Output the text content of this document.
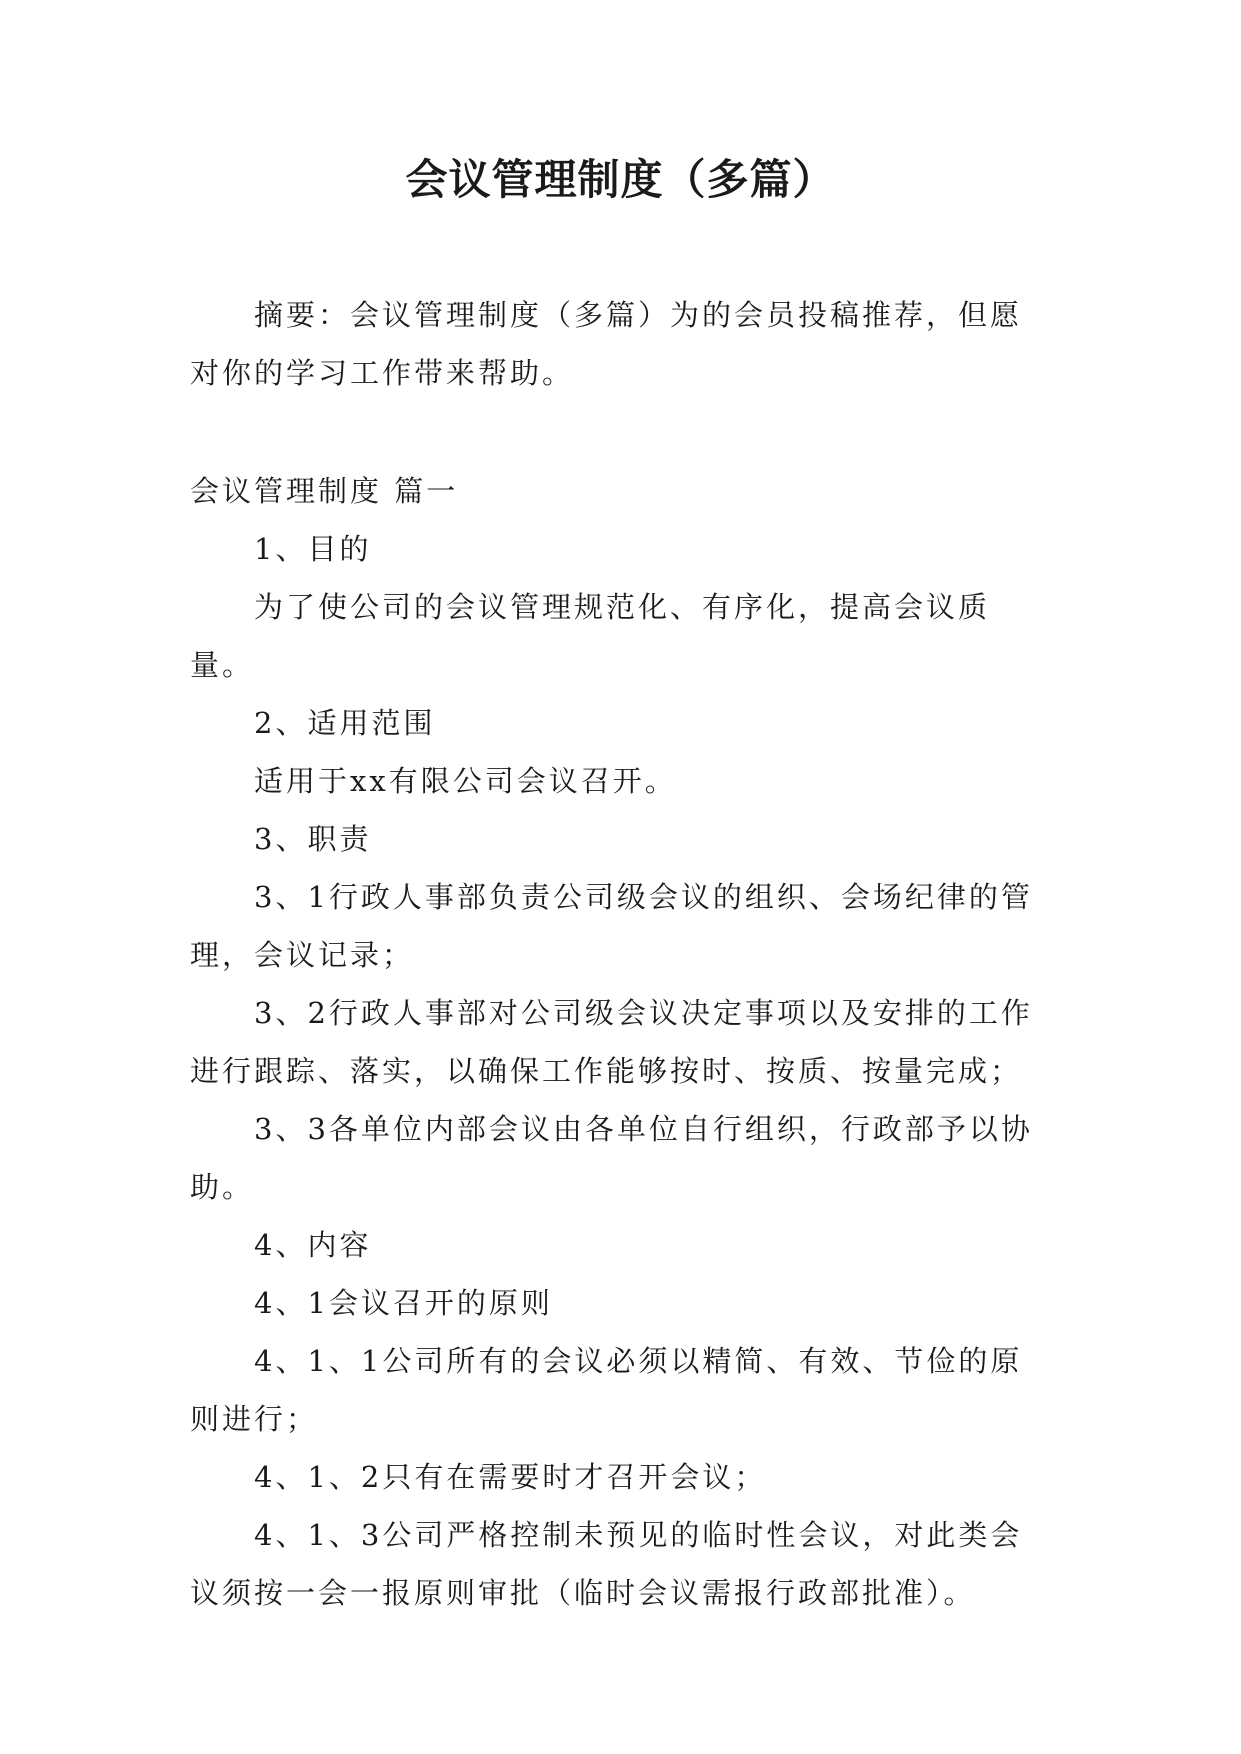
会议管理制度（多篇）

摘要：会议管理制度（多篇）为的会员投稿推荐，但愿对你的学习工作带来帮助。

会议管理制度 篇一

1、目的

为了使公司的会议管理规范化、有序化，提高会议质量。

2、适用范围

适用于xx有限公司会议召开。

3、职责

3、1行政人事部负责公司级会议的组织、会场纪律的管理，会议记录；

3、2行政人事部对公司级会议决定事项以及安排的工作进行跟踪、落实，以确保工作能够按时、按质、按量完成；

3、3各单位内部会议由各单位自行组织，行政部予以协助。

4、内容

4、1会议召开的原则

4、1、1公司所有的会议必须以精简、有效、节俭的原则进行；

4、1、2只有在需要时才召开会议；

4、1、3公司严格控制未预见的临时性会议，对此类会议须按一会一报原则审批（临时会议需报行政部批准）。
